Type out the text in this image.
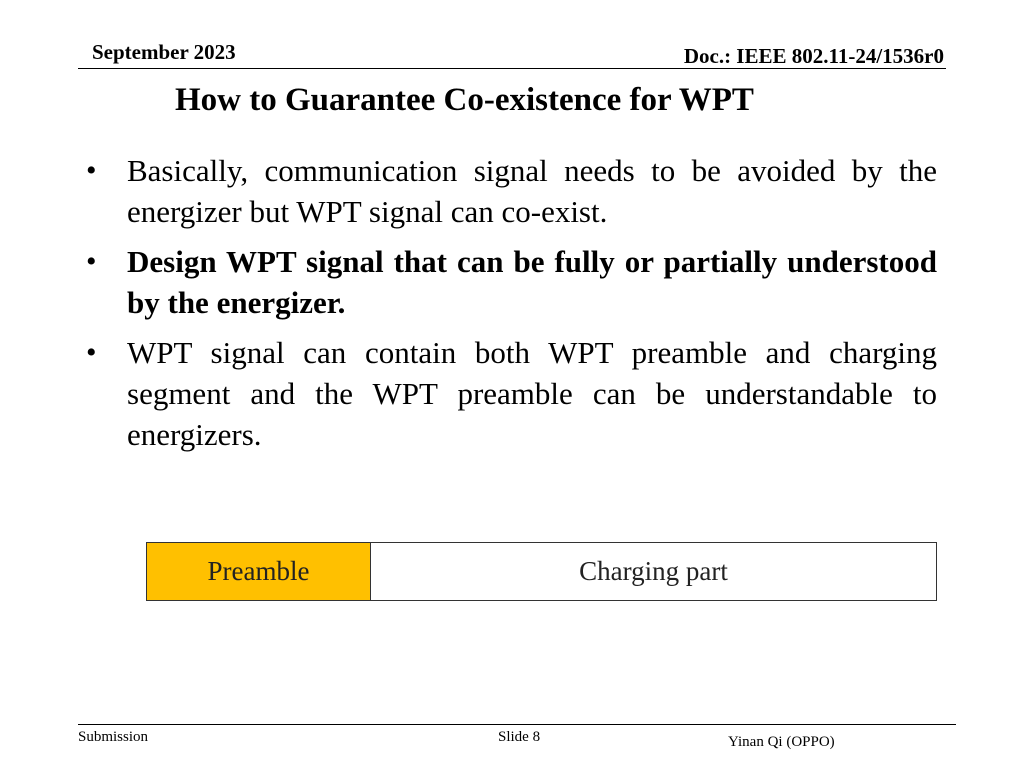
September 2023	Doc.: IEEE 802.11-24/1536r0
How to Guarantee Co-existence for WPT
• Basically, communication signal needs to be avoided by the energizer but WPT signal can co-exist.
• Design WPT signal that can be fully or partially understood by the energizer.
• WPT signal can contain both WPT preamble and charging segment and the WPT preamble can be understandable to energizers.
Preamble	Charging part
Submission	Slide 8	Yinan Qi (OPPO)
